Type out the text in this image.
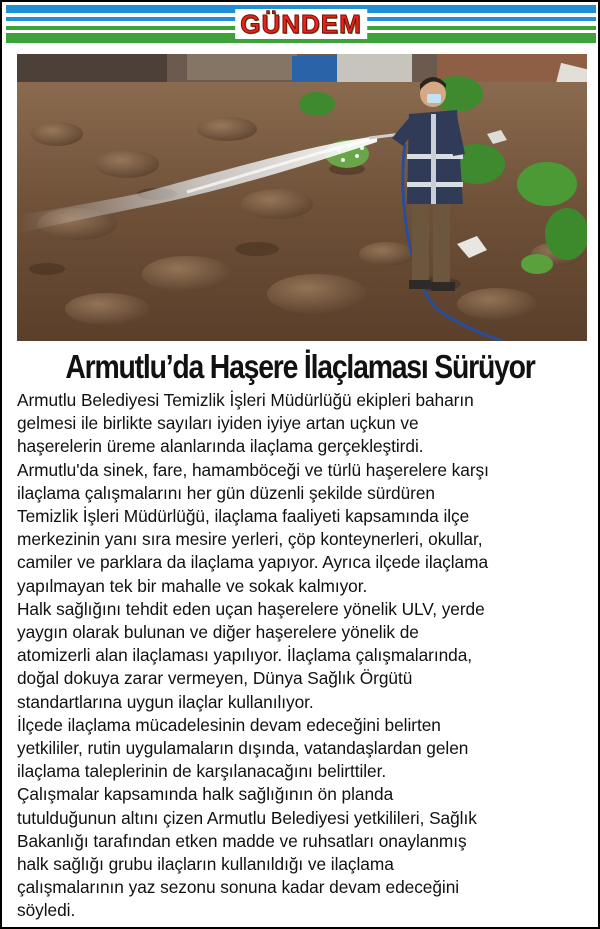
GÜNDEM
Armutlu’da Haşere İlaçlaması Sürüyor
Armutlu Belediyesi Temizlik İşleri Müdürlüğü ekipleri baharın
gelmesi ile birlikte sayıları iyiden iyiye artan uçkun ve
haşerelerin üreme alanlarında ilaçlama gerçekleştirdi.
Armutlu'da sinek, fare, hamamböceği ve türlü haşerelere karşı
ilaçlama çalışmalarını her gün düzenli şekilde sürdüren
Temizlik İşleri Müdürlüğü, ilaçlama faaliyeti kapsamında ilçe
merkezinin yanı sıra mesire yerleri, çöp konteynerleri, okullar,
camiler ve parklara da ilaçlama yapıyor. Ayrıca ilçede ilaçlama
yapılmayan tek bir mahalle ve sokak kalmıyor.
Halk sağlığını tehdit eden uçan haşerelere yönelik ULV, yerde
yaygın olarak bulunan ve diğer haşerelere yönelik de
atomizerli alan ilaçlaması yapılıyor. İlaçlama çalışmalarında,
doğal dokuya zarar vermeyen, Dünya Sağlık Örgütü
standartlarına uygun ilaçlar kullanılıyor.
İlçede ilaçlama mücadelesinin devam edeceğini belirten
yetkililer, rutin uygulamaların dışında, vatandaşlardan gelen
ilaçlama taleplerinin de karşılanacağını belirttiler.
Çalışmalar kapsamında halk sağlığının ön planda
tutulduğunun altını çizen Armutlu Belediyesi yetkilileri, Sağlık
Bakanlığı tarafından etken madde ve ruhsatları onaylanmış
halk sağlığı grubu ilaçların kullanıldığı ve ilaçlama
çalışmalarının yaz sezonu sonuna kadar devam edeceğini
söyledi.
